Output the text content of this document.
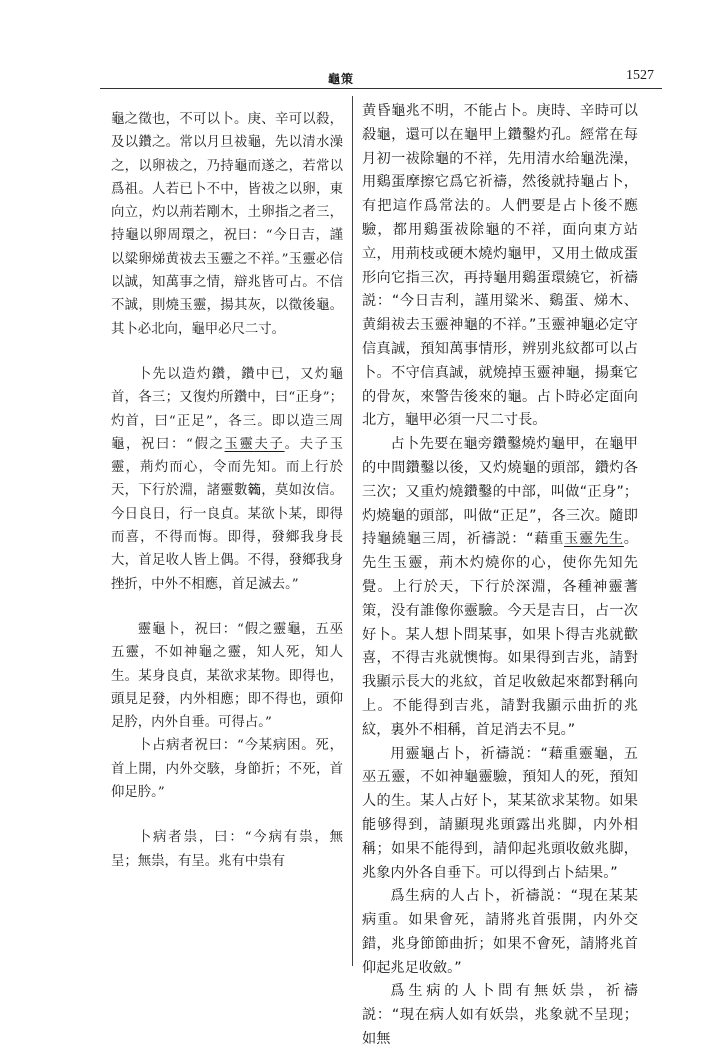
龜策	1527

龜之徵也，不可以卜。庚、辛可以殺，及以鑽之。常以月旦祓龜，先以清水澡之，以卵祓之，乃持龜而遂之，若常以爲祖。人若已卜不中，皆祓之以卵，東向立，灼以荊若剛木，土卵指之者三，持龜以卵周環之，祝曰：“今日吉，謹以粱卵焍黄祓去玉靈之不祥。”玉靈必信以誠，知萬事之情，辯兆皆可占。不信不誠，則燒玉靈，揚其灰，以徵後龜。其卜必北向，龜甲必尺二寸。

卜先以造灼鑽，鑽中已，又灼龜首，各三；又復灼所鑽中，曰“正身”；灼首，曰“正足”，各三。即以造三周龜，祝曰：“假之玉靈夫子。夫子玉靈，荊灼而心，令而先知。而上行於天，下行於淵，諸靈數𥷤，莫如汝信。今日良日，行一良貞。某欲卜某，即得而喜，不得而悔。即得，發鄉我身長大，首足收人皆上偶。不得，發鄉我身挫折，中外不相應，首足滅去。”

靈龜卜，祝曰：“假之靈龜，五巫五靈，不如神龜之靈，知人死，知人生。某身良貞，某欲求某物。即得也，頭見足發，内外相應；即不得也，頭仰足肣，内外自垂。可得占。”

卜占病者祝曰：“今某病困。死，首上開，内外交駭，身節折；不死，首仰足肣。”

卜病者祟，曰：“今病有祟，無呈；無祟，有呈。兆有中祟有

黄昏龜兆不明，不能占卜。庚時、辛時可以殺龜，還可以在龜甲上鑽鑿灼孔。經常在每月初一祓除龜的不祥，先用清水给龜洗澡，用鷄蛋摩擦它爲它祈禱，然後就持龜占卜，有把這作爲常法的。人們要是占卜後不應驗，都用鷄蛋祓除龜的不祥，面向東方站立，用荊枝或硬木燒灼龜甲，又用土做成蛋形向它指三次，再持龜用鷄蛋環繞它，祈禱説：“今日吉利，謹用粱米、鷄蛋、焍木、黄絹祓去玉靈神龜的不祥。”玉靈神龜必定守信真誠，預知萬事情形，辨别兆紋都可以占卜。不守信真誠，就燒掉玉靈神龜，揚棄它的骨灰，來警告後來的龜。占卜時必定面向北方，龜甲必須一尺二寸長。

占卜先要在龜旁鑽鑿燒灼龜甲，在龜甲的中間鑽鑿以後，又灼燒龜的頭部，鑽灼各三次；又重灼燒鑽鑿的中部，叫做“正身”；灼燒龜的頭部，叫做“正足”，各三次。隨即持龜繞龜三周，祈禱説：“藉重玉靈先生。先生玉靈，荊木灼燒你的心，使你先知先覺。上行於天，下行於深淵，各種神靈蓍策，没有誰像你靈驗。今天是吉日，占一次好卜。某人想卜問某事，如果卜得吉兆就歡喜，不得吉兆就懊悔。如果得到吉兆，請對我顯示長大的兆紋，首足收斂起來都對稱向上。不能得到吉兆，請對我顯示曲折的兆紋，裏外不相稱，首足消去不見。”

用靈龜占卜，祈禱説：“藉重靈龜，五巫五靈，不如神龜靈驗，預知人的死，預知人的生。某人占好卜，某某欲求某物。如果能够得到，請顯現兆頭露出兆脚，内外相稱；如果不能得到，請仰起兆頭收斂兆脚，兆象内外各自垂下。可以得到占卜結果。”

爲生病的人占卜，祈禱説：“現在某某病重。如果會死，請將兆首張開，内外交錯，兆身節節曲折；如果不會死，請將兆首仰起兆足收斂。”

爲生病的人卜問有無妖祟，祈禱説：“現在病人如有妖祟，兆象就不呈现；如無
